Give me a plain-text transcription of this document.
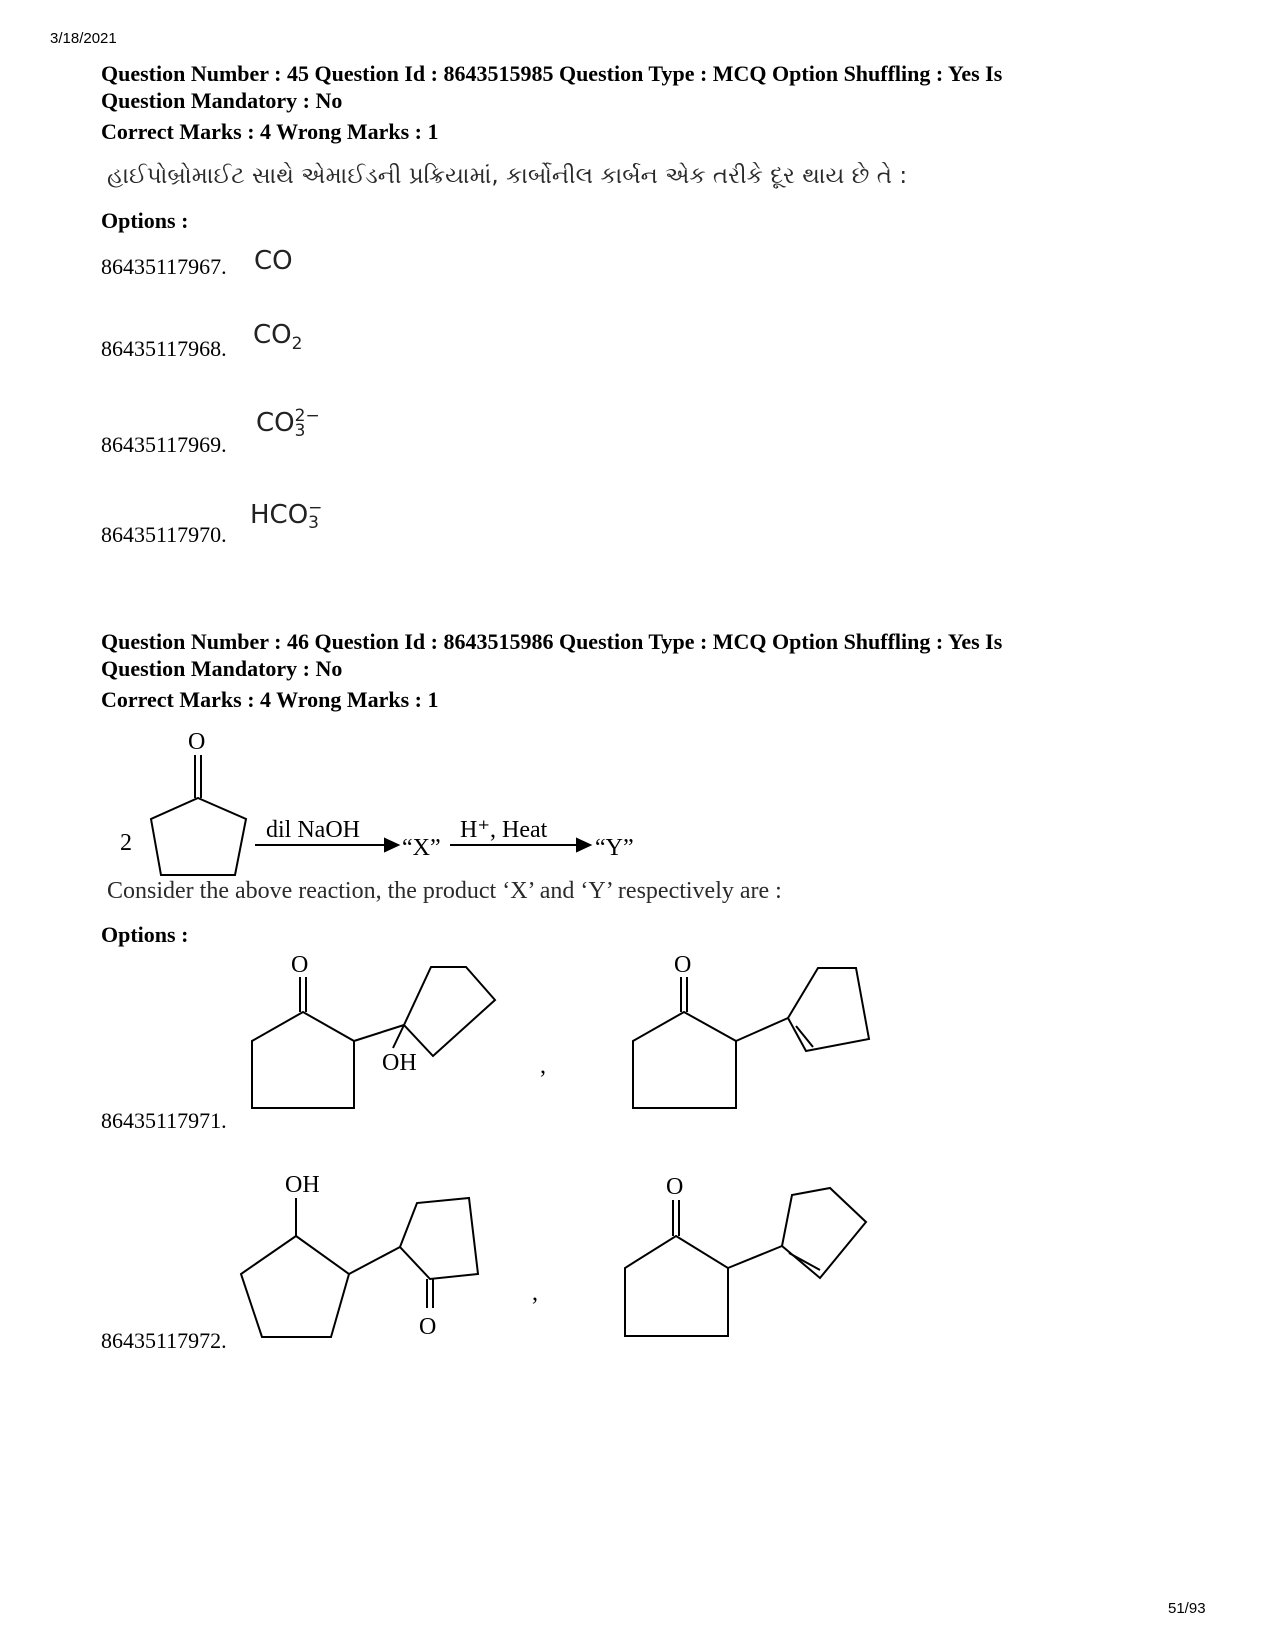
3/18/2021
51/93
Question Number : 45 Question Id : 8643515985 Question Type : MCQ Option Shuffling : Yes Is
Question Mandatory : No
Correct Marks : 4 Wrong Marks : 1
હાઈપોબ્રોમાઈટ સાથે એમાઈડની પ્રક્રિયામાં, કાર્બોનીલ કાર્બન એક તરીકે દૂર થાય છે તે :
Options :
86435117967. CO
86435117968. $CO_2$
86435117969.
CO 2−
3
86435117970.
HCO −
3
Question Number : 46 Question Id : 8643515986 Question Type : MCQ Option Shuffling : Yes Is
Question Mandatory : No
Correct Marks : 4 Wrong Marks : 1
2
O
dil NaOH
“X”
H⁺, Heat
“Y”
Consider the above reaction, the product ‘X’ and ‘Y’ respectively are :
Options :
O
OH	,
O
86435117971.
OH
O
,
O
86435117972.
